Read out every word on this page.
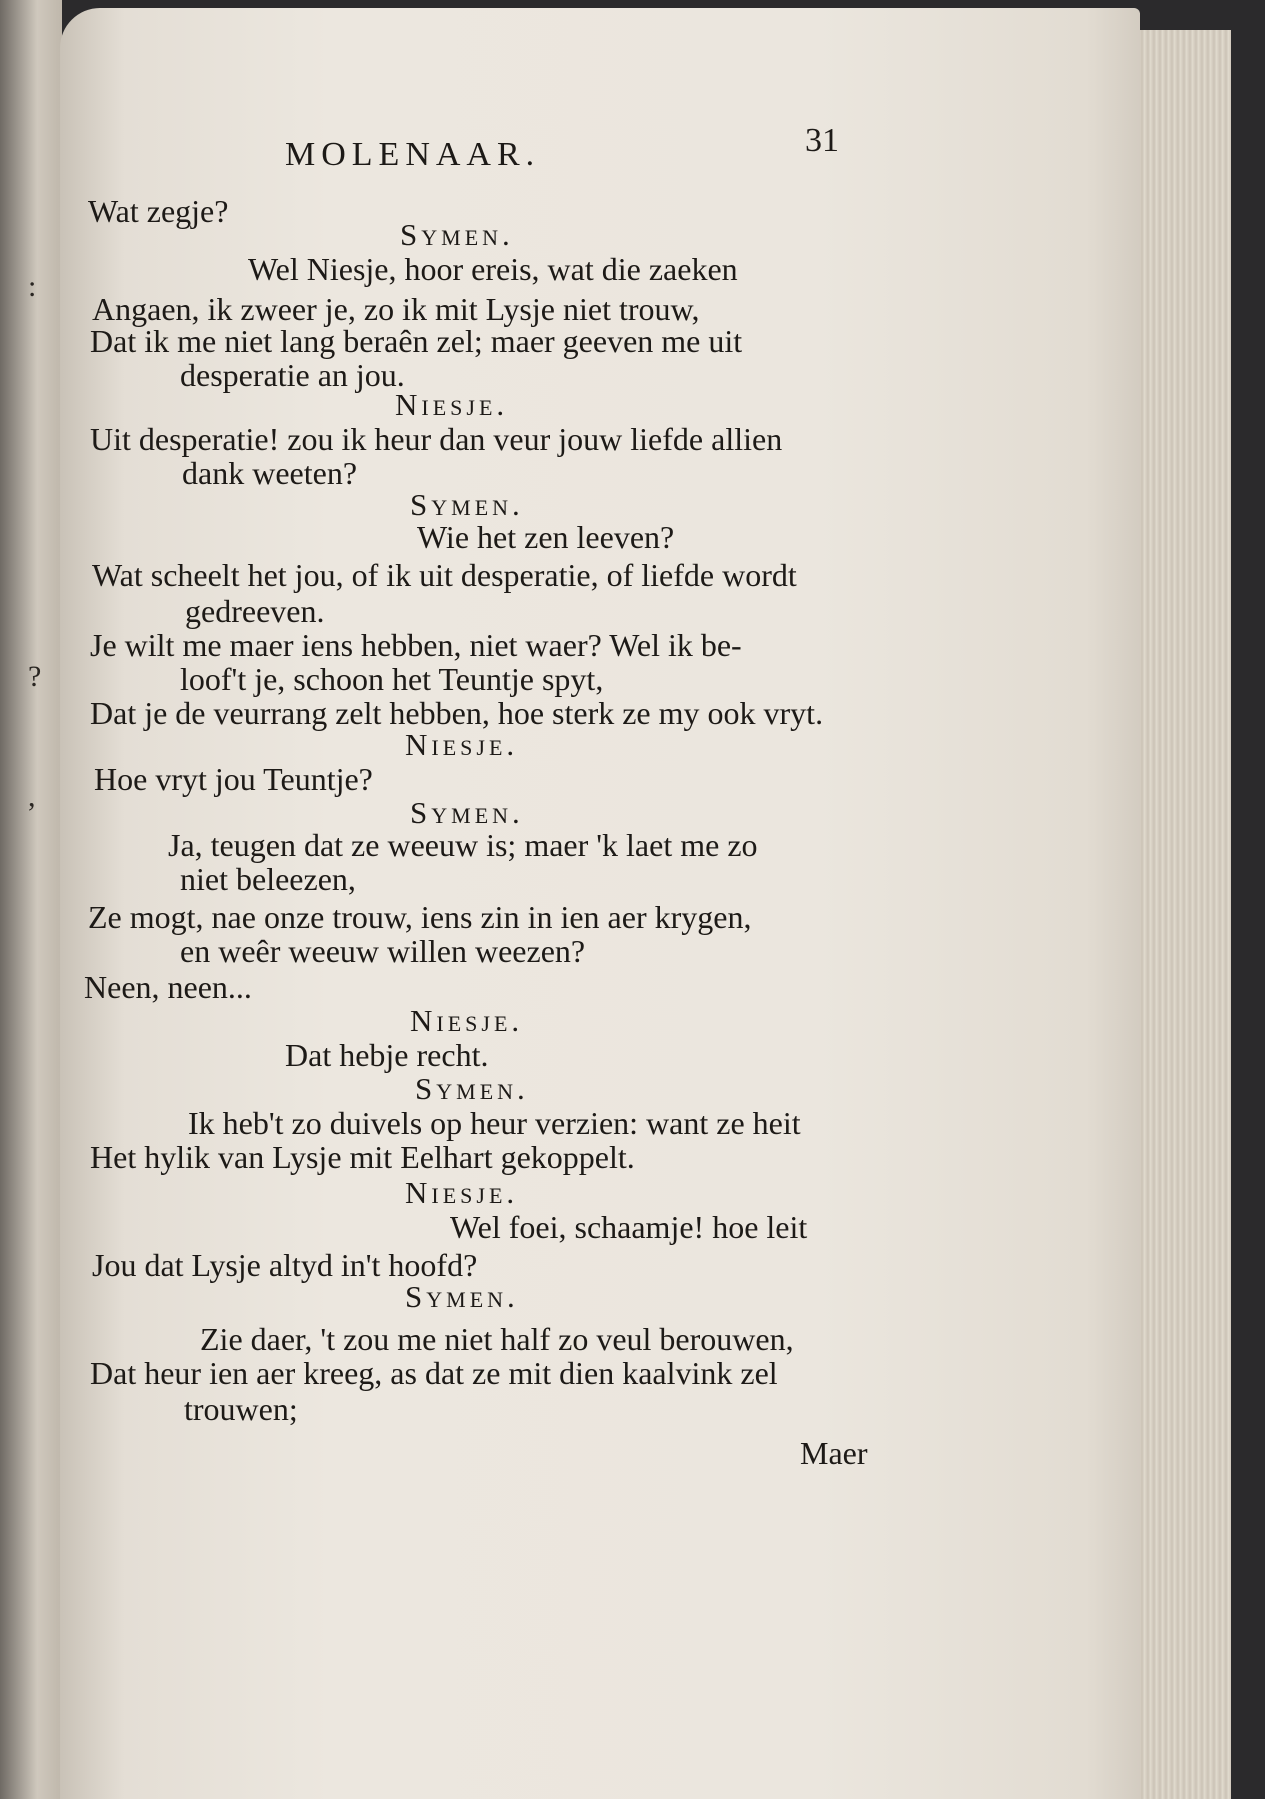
:
?
,
MOLENAAR.	31
Wat zegje?
Symen.
Wel Niesje, hoor ereis, wat die zaeken
Angaen, ik zweer je, zo ik mit Lysje niet trouw,
Dat ik me niet lang beraên zel; maer geeven me uit
desperatie an jou.
Niesje.
Uit desperatie! zou ik heur dan veur jouw liefde allien
dank weeten?
Symen.
Wie het zen leeven?
Wat scheelt het jou, of ik uit desperatie, of liefde wordt
gedreeven.
Je wilt me maer iens hebben, niet waer? Wel ik be-
loof't je, schoon het Teuntje spyt,
Dat je de veurrang zelt hebben, hoe sterk ze my ook vryt.
Niesje.
Hoe vryt jou Teuntje?
Symen.
Ja, teugen dat ze weeuw is; maer 'k laet me zo
niet beleezen,
Ze mogt, nae onze trouw, iens zin in ien aer krygen,
en weêr weeuw willen weezen?
Neen, neen...
Niesje.
Dat hebje recht.
Symen.
Ik heb't zo duivels op heur verzien: want ze heit
Het hylik van Lysje mit Eelhart gekoppelt.
Niesje.
Wel foei, schaamje! hoe leit
Jou dat Lysje altyd in't hoofd?
Symen.
Zie daer, 't zou me niet half zo veul berouwen,
Dat heur ien aer kreeg, as dat ze mit dien kaalvink zel
trouwen;
Maer
